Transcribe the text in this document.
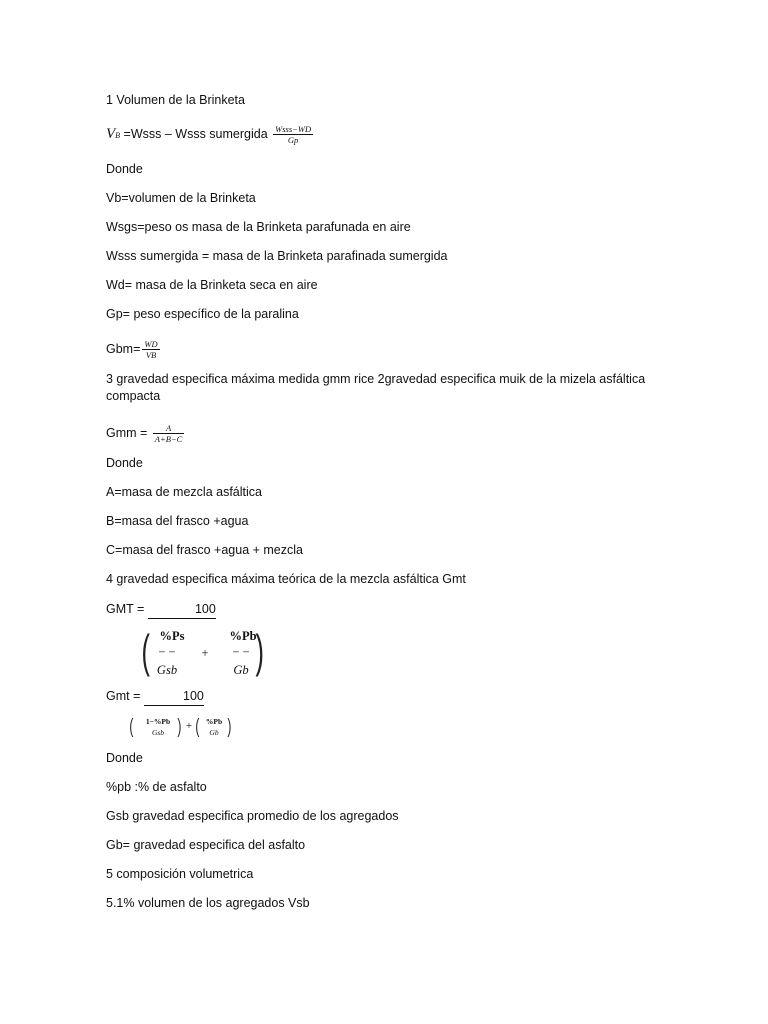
1 Volumen de la Brinketa
VB =Wsss – Wsss sumergida $\frac{\text{Wsss−WD}}{Gp}$
Donde
Vb=volumen de la Brinketa
Wsgs=peso os masa de la Brinketa parafunada en aire
Wsss sumergida = masa de la Brinketa parafinada sumergida
Wd= masa de la Brinketa seca en aire
Gp= peso específico de la paralina
$Gbm= \frac{WD}{VB}$
3 gravedad especifica máxima medida gmm rice 2gravedad especifica muik de la mizela asfáltica compacta
Gmm = $\frac{A}{A+B-C}$
Donde
A=masa de mezcla asfáltica
B=masa del frasco +agua
C=masa del frasco +agua + mezcla
4 gravedad especifica máxima teórica de la mezcla asfáltica Gmt
GMT =	100
( )
%Ps
− −
Gsb
+
%Pb
− −
Gb
Gmt =	100
(	1−%Pb
Gsb ) + ( %Pb
Gb )
Donde
%pb :% de asfalto
Gsb gravedad especifica promedio de los agregados
Gb= gravedad especifica del asfalto
5 composición volumetrica
5.1% volumen de los agregados Vsb
